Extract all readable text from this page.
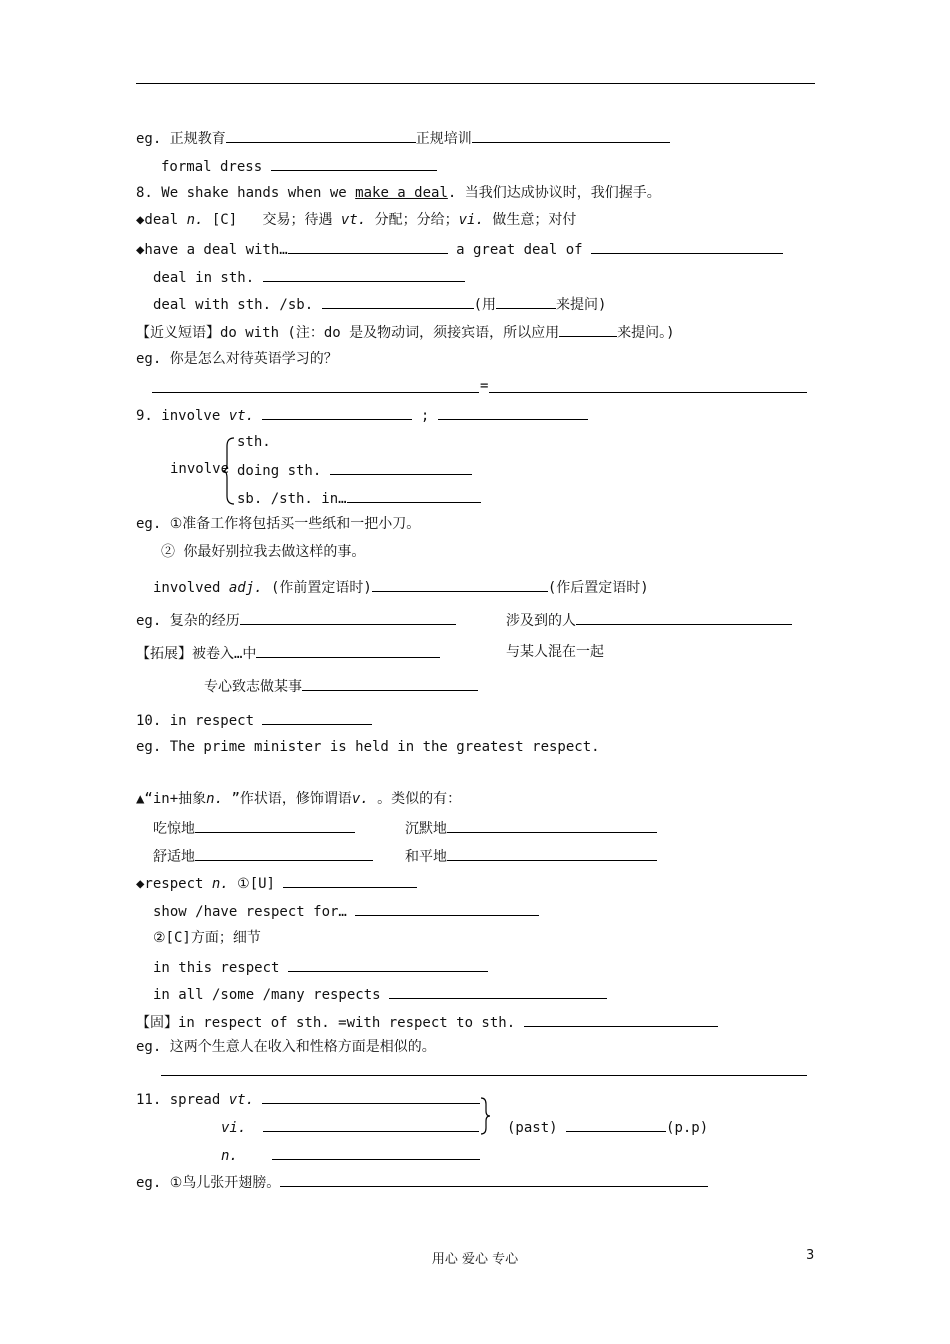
eg. 正规教育	正规培训
formal dress
8. We shake hands when we make a deal. 当我们达成协议时，我们握手。
◆deal n. [C]   交易；待遇 vt. 分配；分给；vi. 做生意；对付
◆have a deal with…	a great deal of
deal in sth.
deal with sth. /sb.	(用	来提问)
【近义短语】do with (注：do 是及物动词，须接宾语，所以应用	来提问。)
eg. 你是怎么对待英语学习的？
=
9. involve vt.	;
involve
sth.
doing sth.
sb. /sth. in…
eg. ①准备工作将包括买一些纸和一把小刀。
② 你最好别拉我去做这样的事。
involved adj. (作前置定语时)	(作后置定语时)
eg. 复杂的经历	涉及到的人
【拓展】被卷入…中	与某人混在一起
专心致志做某事
10. in respect
eg. The prime minister is held in the greatest respect.
▲“in+抽象n. ”作状语，修饰谓语v. 。类似的有：
吃惊地	沉默地
舒适地	和平地
◆respect n. ①[U]
show /have respect for…
②[C]方面；细节
in this respect
in all /some /many respects
【固】in respect of sth. =with respect to sth.
eg. 这两个生意人在收入和性格方面是相似的。
11. spread vt.
vi.	(past)	(p.p)
n.
eg. ①鸟儿张开翅膀。
用心 爱心 专心	3
